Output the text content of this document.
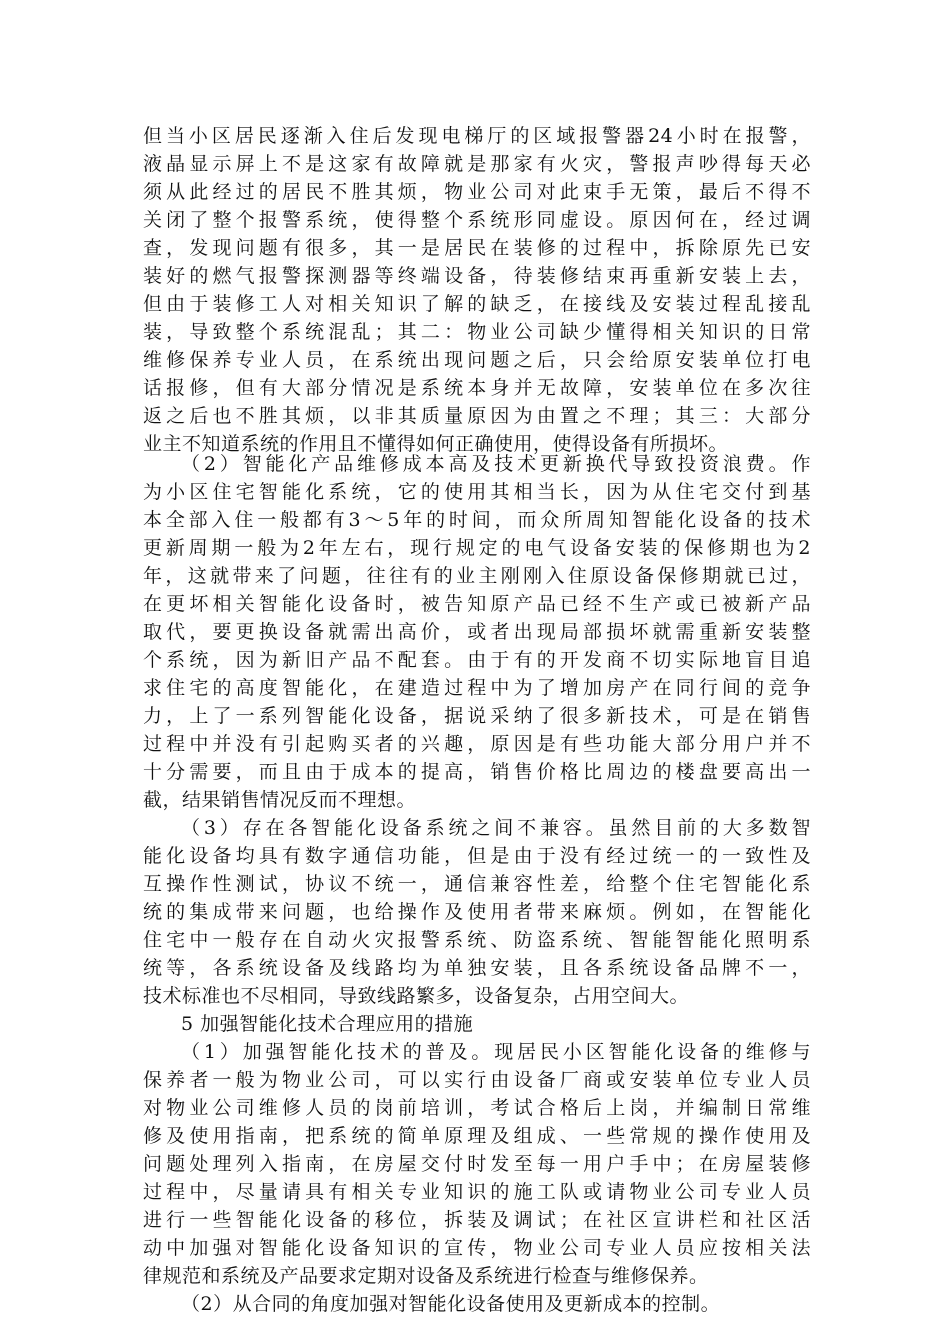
但当小区居民逐渐入住后发现电梯厅的区域报警器24小时在报警，
液晶显示屏上不是这家有故障就是那家有火灾，警报声吵得每天必
须从此经过的居民不胜其烦，物业公司对此束手无策，最后不得不
关闭了整个报警系统，使得整个系统形同虚设。原因何在，经过调
查，发现问题有很多，其一是居民在装修的过程中，拆除原先已安
装好的燃气报警探测器等终端设备，待装修结束再重新安装上去，
但由于装修工人对相关知识了解的缺乏，在接线及安装过程乱接乱
装，导致整个系统混乱；其二：物业公司缺少懂得相关知识的日常
维修保养专业人员，在系统出现问题之后，只会给原安装单位打电
话报修，但有大部分情况是系统本身并无故障，安装单位在多次往
返之后也不胜其烦，以非其质量原因为由置之不理；其三：大部分
业主不知道系统的作用且不懂得如何正确使用，使得设备有所损坏。
（2）智能化产品维修成本高及技术更新换代导致投资浪费。作
为小区住宅智能化系统，它的使用其相当长，因为从住宅交付到基
本全部入住一般都有3～5年的时间，而众所周知智能化设备的技术
更新周期一般为2年左右，现行规定的电气设备安装的保修期也为2
年，这就带来了问题，往往有的业主刚刚入住原设备保修期就已过，
在更坏相关智能化设备时，被告知原产品已经不生产或已被新产品
取代，要更换设备就需出高价，或者出现局部损坏就需重新安装整
个系统，因为新旧产品不配套。由于有的开发商不切实际地盲目追
求住宅的高度智能化，在建造过程中为了增加房产在同行间的竞争
力，上了一系列智能化设备，据说采纳了很多新技术，可是在销售
过程中并没有引起购买者的兴趣，原因是有些功能大部分用户并不
十分需要，而且由于成本的提高，销售价格比周边的楼盘要高出一
截，结果销售情况反而不理想。
（3）存在各智能化设备系统之间不兼容。虽然目前的大多数智
能化设备均具有数字通信功能，但是由于没有经过统一的一致性及
互操作性测试，协议不统一，通信兼容性差，给整个住宅智能化系
统的集成带来问题，也给操作及使用者带来麻烦。例如，在智能化
住宅中一般存在自动火灾报警系统、防盗系统、智能智能化照明系
统等，各系统设备及线路均为单独安装，且各系统设备品牌不一，
技术标准也不尽相同，导致线路繁多，设备复杂，占用空间大。
5 加强智能化技术合理应用的措施
（1）加强智能化技术的普及。现居民小区智能化设备的维修与
保养者一般为物业公司，可以实行由设备厂商或安装单位专业人员
对物业公司维修人员的岗前培训，考试合格后上岗，并编制日常维
修及使用指南，把系统的简单原理及组成、一些常规的操作使用及
问题处理列入指南，在房屋交付时发至每一用户手中；在房屋装修
过程中，尽量请具有相关专业知识的施工队或请物业公司专业人员
进行一些智能化设备的移位，拆装及调试；在社区宣讲栏和社区活
动中加强对智能化设备知识的宣传，物业公司专业人员应按相关法
律规范和系统及产品要求定期对设备及系统进行检查与维修保养。
（2）从合同的角度加强对智能化设备使用及更新成本的控制。
